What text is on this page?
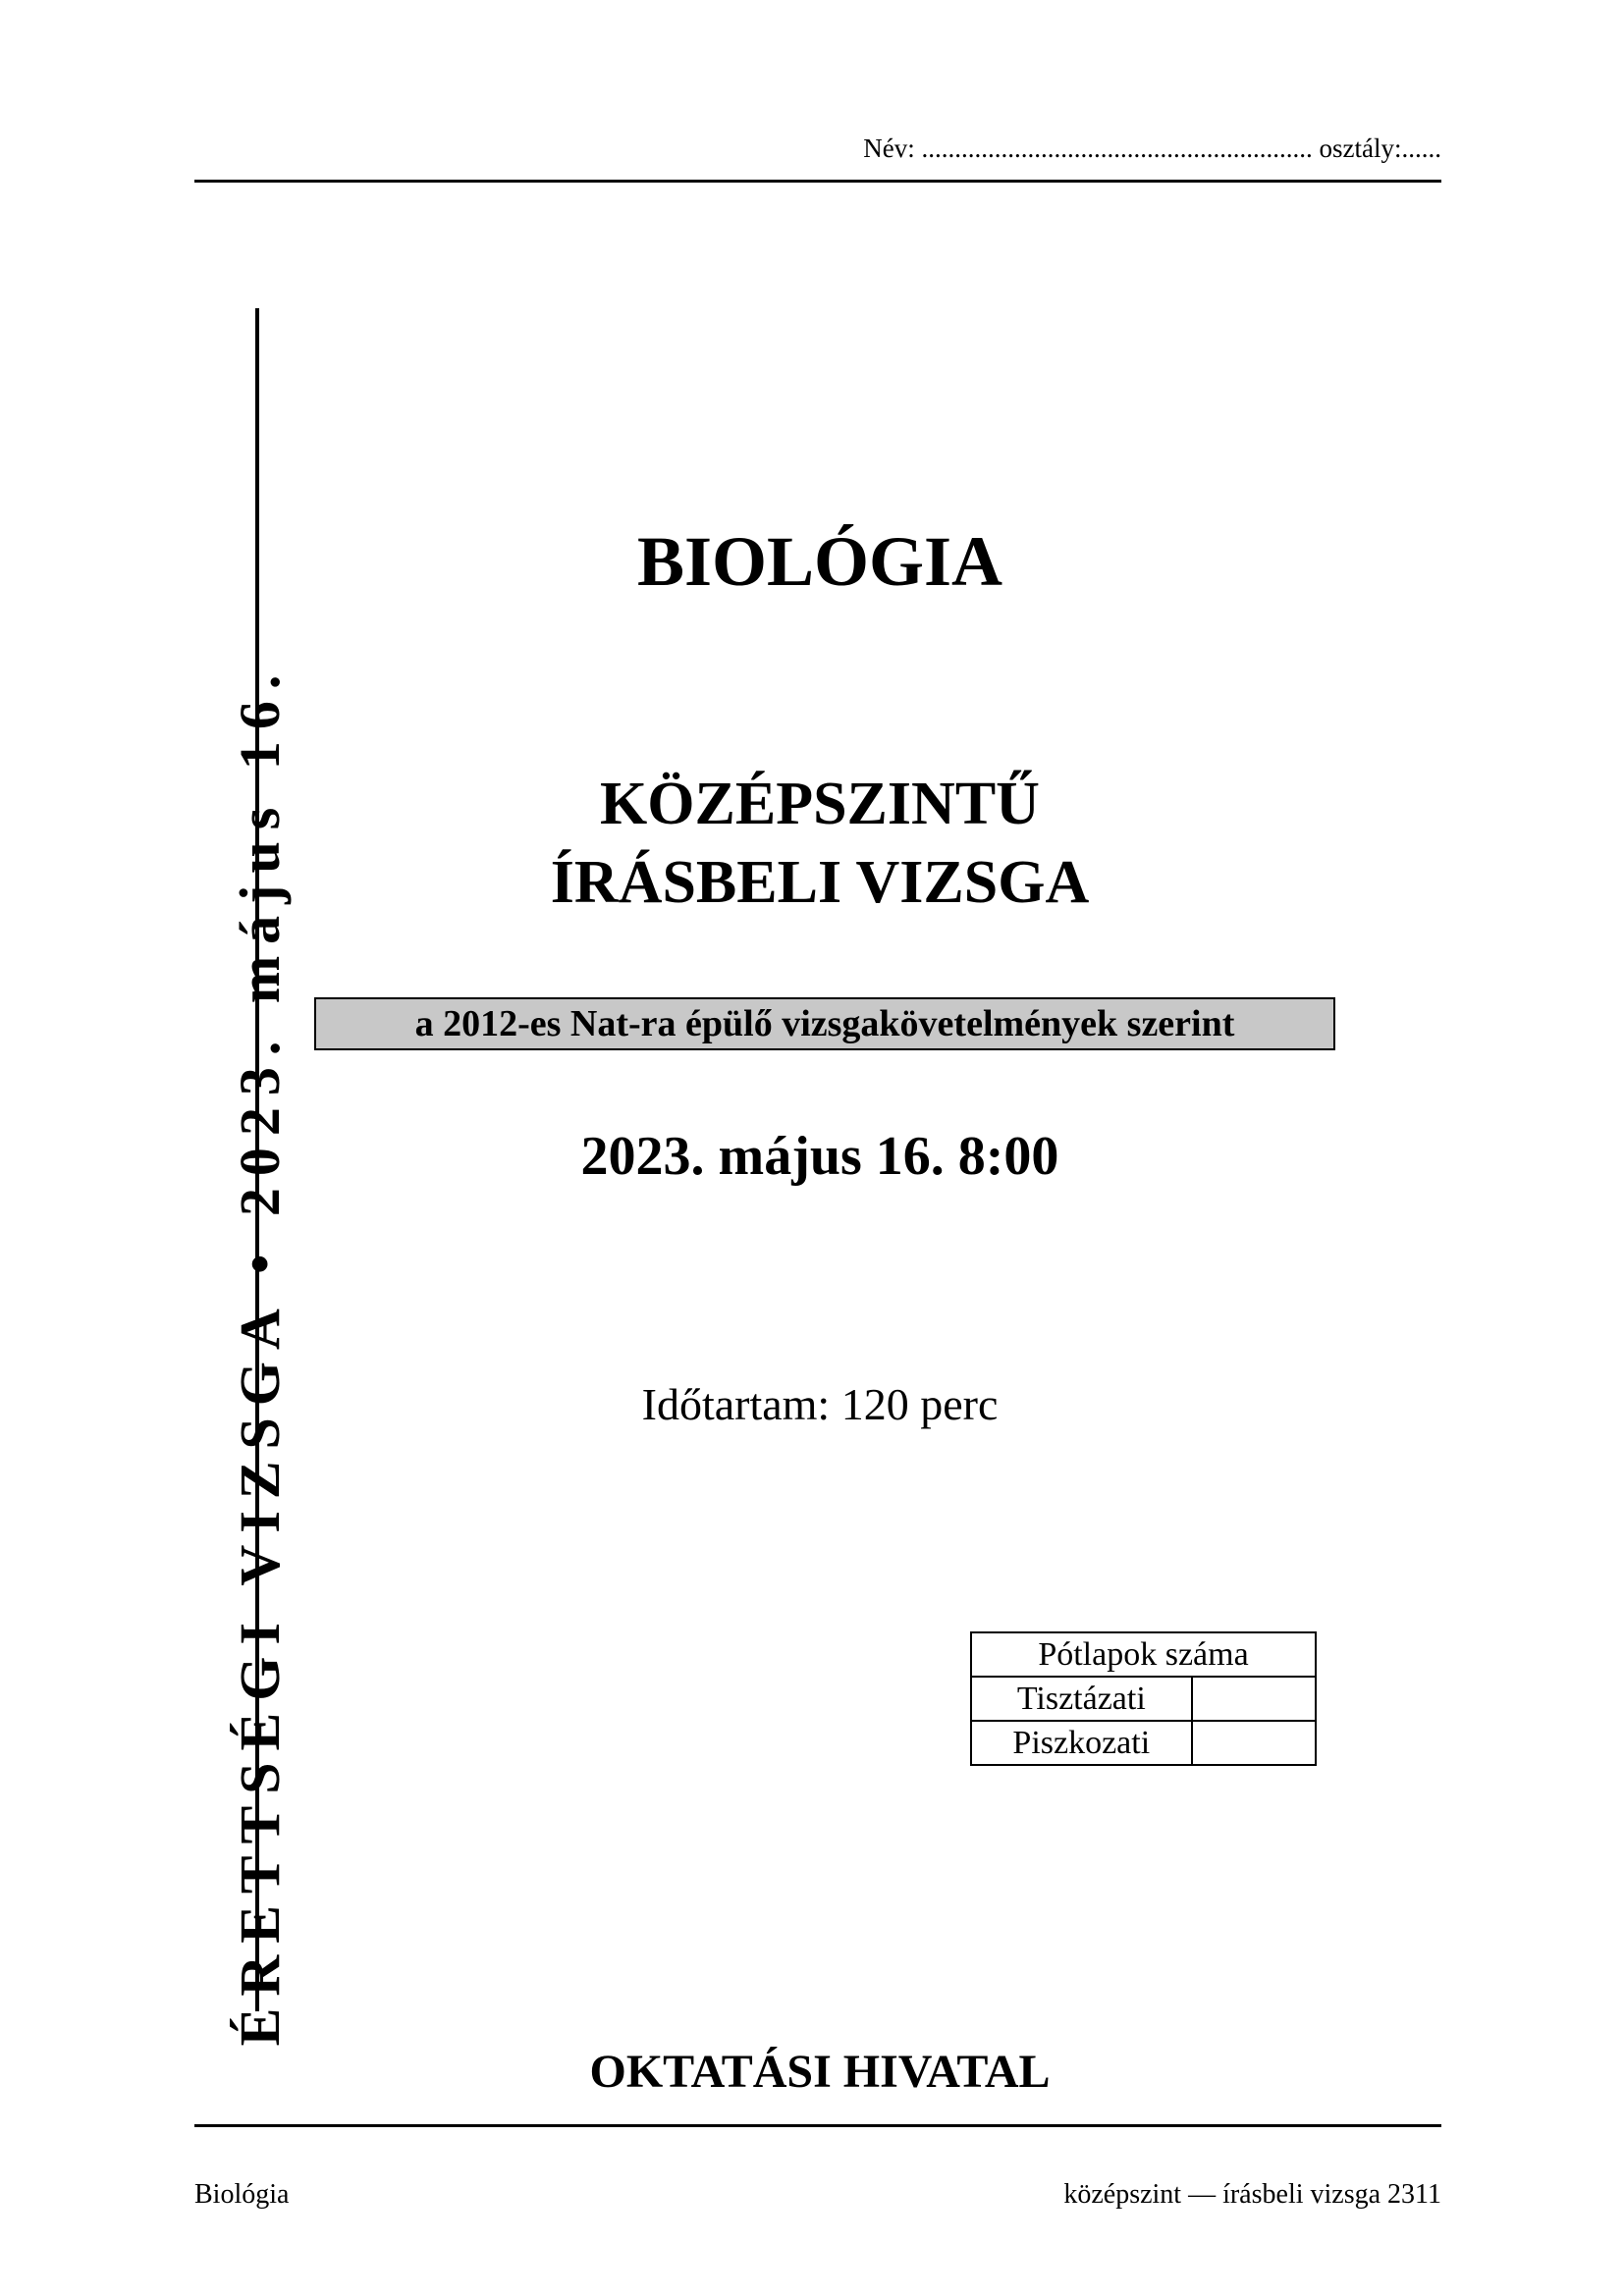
Név: ........................................................... osztály:......
ÉRETTSÉGI VIZSGA • 2023. május 16.
BIOLÓGIA
KÖZÉPSZINTŰ
ÍRÁSBELI VIZSGA
a 2012-es Nat-ra épülő vizsgakövetelmények szerint
2023. május 16. 8:00
Időtartam: 120 perc
Pótlapok száma	
Tisztázati	
Piszkozati	
OKTATÁSI HIVATAL
Biológia	középszint — írásbeli vizsga 2311
